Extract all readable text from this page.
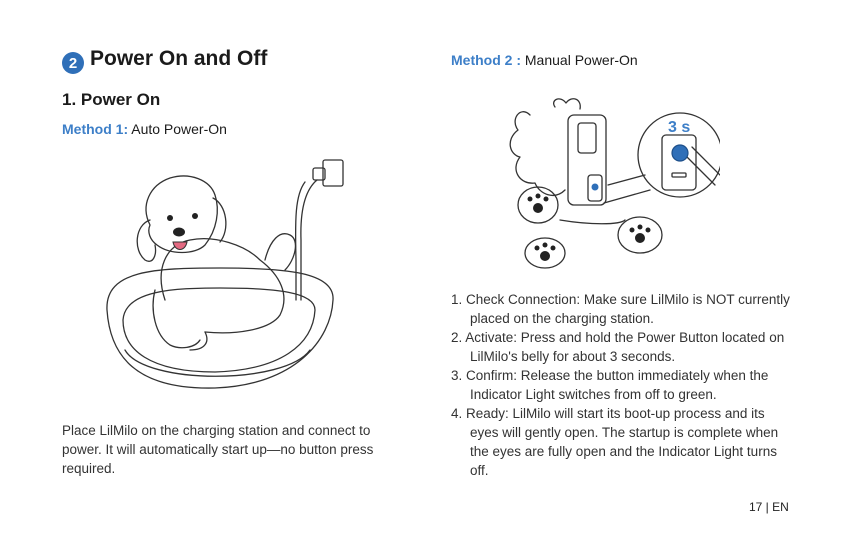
2 Power On and Off
1. Power On
Method 1: Auto Power-On
Method 2 : Manual Power-On
3 s
Place LilMilo on the charging station and connect to power. It will automatically start up—no button press required.
1. Check Connection: Make sure LilMilo is NOT currently placed on the charging station.
2. Activate: Press and hold the Power Button located on LilMilo's belly for about 3 seconds.
3. Confirm: Release the button immediately when the Indicator Light switches from off to green.
4. Ready: LilMilo will start its boot-up process and its eyes will gently open. The startup is complete when the eyes are fully open and the Indicator Light turns off.
17 | EN
